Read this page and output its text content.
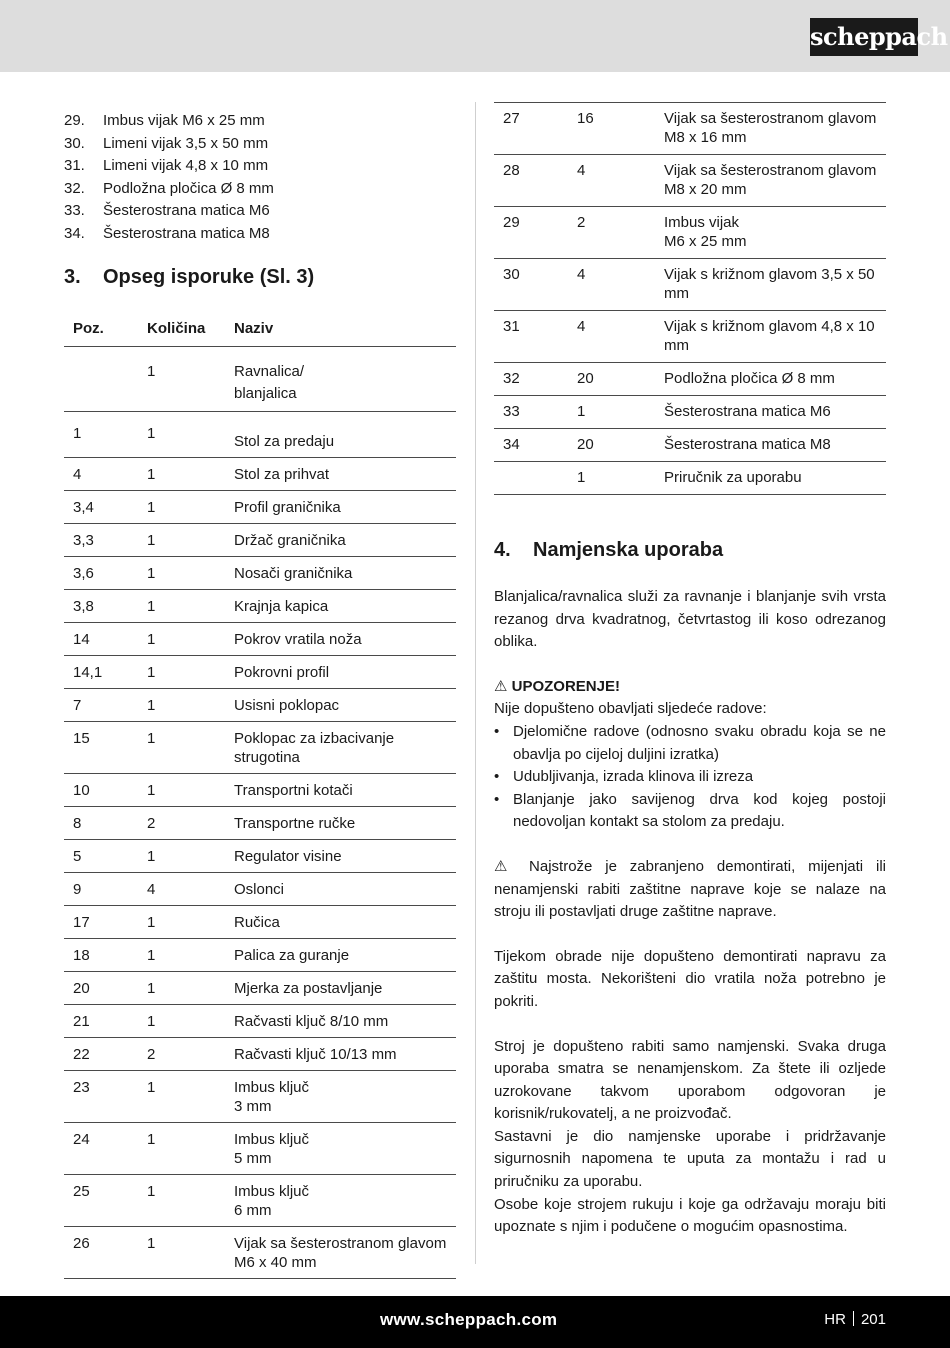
scheppach
29.	Imbus vijak M6 x 25 mm
30.	Limeni vijak 3,5 x 50 mm
31.	Limeni vijak 4,8 x 10 mm
32.	Podložna pločica Ø 8 mm
33.	Šesterostrana matica M6
34.	Šesterostrana matica M8
3.	Opseg isporuke (Sl. 3)
Poz.	Količina	Naziv
	1	Ravnalica/
blanjalica
1	1	Stol za predaju
4	1	Stol za prihvat
3,4	1	Profil graničnika
3,3	1	Držač graničnika
3,6	1	Nosači graničnika
3,8	1	Krajnja kapica
14	1	Pokrov vratila noža
14,1	1	Pokrovni profil
7	1	Usisni poklopac
15	1	Poklopac za izbacivanje strugotina
10	1	Transportni kotači
8	2	Transportne ručke
5	1	Regulator visine
9	4	Oslonci
17	1	Ručica
18	1	Palica za guranje
20	1	Mjerka za postavljanje
21	1	Račvasti ključ 8/10 mm
22	2	Račvasti ključ 10/13 mm
23	1	Imbus ključ
3 mm
24	1	Imbus ključ
5 mm
25	1	Imbus ključ
6 mm
26	1	Vijak sa šesterostranom glavom
M6 x 40 mm
27	16	Vijak sa šesterostranom glavom
M8 x 16 mm
28	4	Vijak sa šesterostranom glavom
M8 x 20 mm
29	2	Imbus vijak
M6 x 25 mm
30	4	Vijak s križnom glavom 3,5 x 50 mm
31	4	Vijak s križnom glavom 4,8 x 10 mm
32	20	Podložna pločica Ø 8 mm
33	1	Šesterostrana matica M6
34	20	Šesterostrana matica M8
	1	Priručnik za uporabu
4.	Namjenska uporaba

Blanjalica/ravnalica služi za ravnanje i blanjanje svih vrsta rezanog drva kvadratnog, četvrtastog ili koso odrezanog oblika.

⚠ UPOZORENJE!

Nije dopušteno obavljati sljedeće radove:

• Djelomične radove (odnosno svaku obradu koja se ne obavlja po cijeloj duljini izratka)
• Udubljivanja, izrada klinova ili izreza
• Blanjanje jako savijenog drva kod kojeg postoji nedovoljan kontakt sa stolom za predaju.

⚠ Najstrože je zabranjeno demontirati, mijenjati ili nenamjenski rabiti zaštitne naprave koje se nalaze na stroju ili postavljati druge zaštitne naprave.

Tijekom obrade nije dopušteno demontirati napravu za zaštitu mosta. Nekorišteni dio vratila noža potrebno je pokriti.

Stroj je dopušteno rabiti samo namjenski. Svaka druga uporaba smatra se nenamjenskom. Za štete ili ozljede uzrokovane takvom uporabom odgovoran je korisnik/rukovatelj, a ne proizvođač.

Sastavni je dio namjenske uporabe i pridržavanje sigurnosnih napomena te uputa za montažu i rad u priručniku za uporabu.

Osobe koje strojem rukuju i koje ga održavaju moraju biti upoznate s njim i podučene o mogućim opasnostima.

www.scheppach.com	HR 201
